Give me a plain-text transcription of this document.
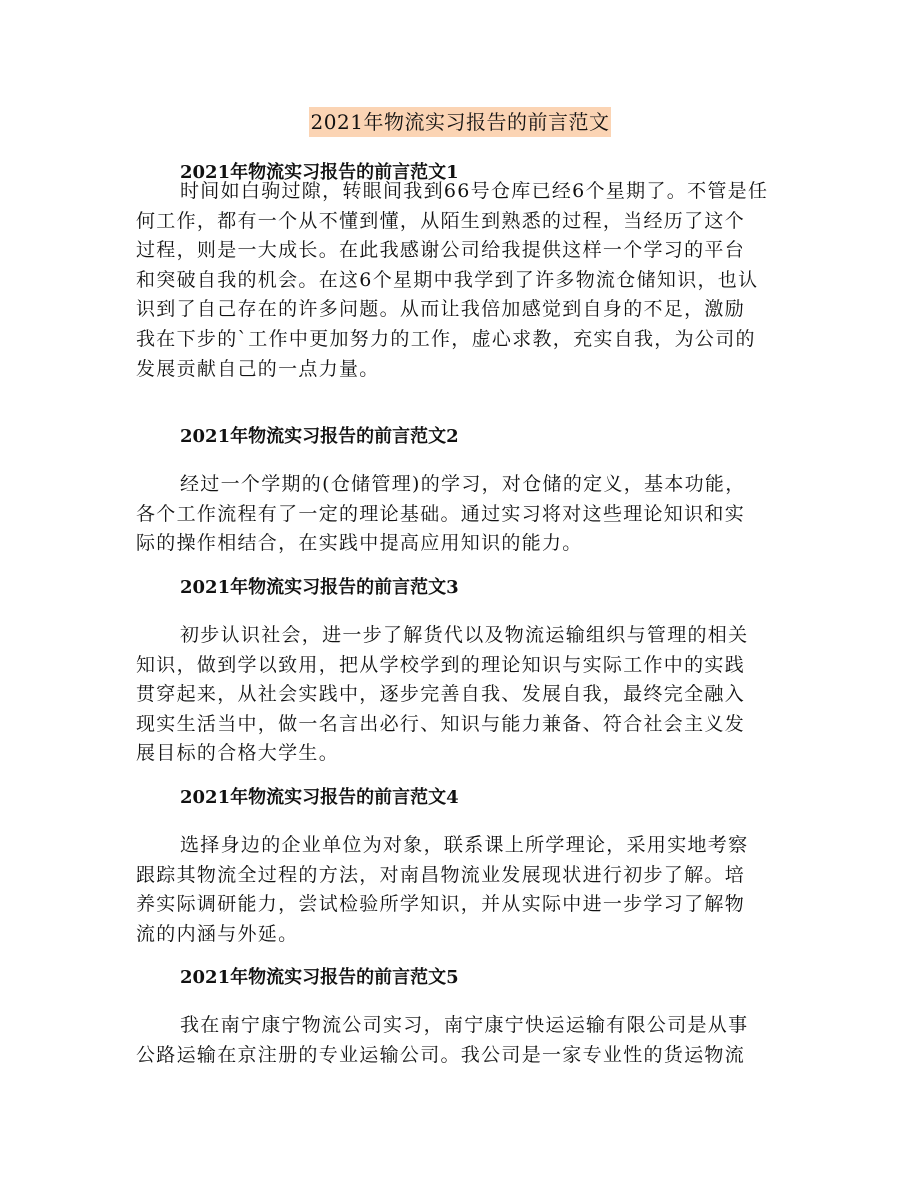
2021年物流实习报告的前言范文
2021年物流实习报告的前言范文1
时间如白驹过隙，转眼间我到66号仓库已经6个星期了。不管是任
何工作，都有一个从不懂到懂，从陌生到熟悉的过程，当经历了这个
过程，则是一大成长。在此我感谢公司给我提供这样一个学习的平台
和突破自我的机会。在这6个星期中我学到了许多物流仓储知识，也认
识到了自己存在的许多问题。从而让我倍加感觉到自身的不足，激励
我在下步的`工作中更加努力的工作，虚心求教，充实自我，为公司的
发展贡献自己的一点力量。
2021年物流实习报告的前言范文2
经过一个学期的(仓储管理)的学习，对仓储的定义，基本功能，
各个工作流程有了一定的理论基础。通过实习将对这些理论知识和实
际的操作相结合，在实践中提高应用知识的能力。
2021年物流实习报告的前言范文3
初步认识社会，进一步了解货代以及物流运输组织与管理的相关
知识，做到学以致用，把从学校学到的理论知识与实际工作中的实践
贯穿起来，从社会实践中，逐步完善自我、发展自我，最终完全融入
现实生活当中，做一名言出必行、知识与能力兼备、符合社会主义发
展目标的合格大学生。
2021年物流实习报告的前言范文4
选择身边的企业单位为对象，联系课上所学理论，采用实地考察
跟踪其物流全过程的方法，对南昌物流业发展现状进行初步了解。培
养实际调研能力，尝试检验所学知识，并从实际中进一步学习了解物
流的内涵与外延。
2021年物流实习报告的前言范文5
我在南宁康宁物流公司实习，南宁康宁快运运输有限公司是从事
公路运输在京注册的专业运输公司。我公司是一家专业性的货运物流
